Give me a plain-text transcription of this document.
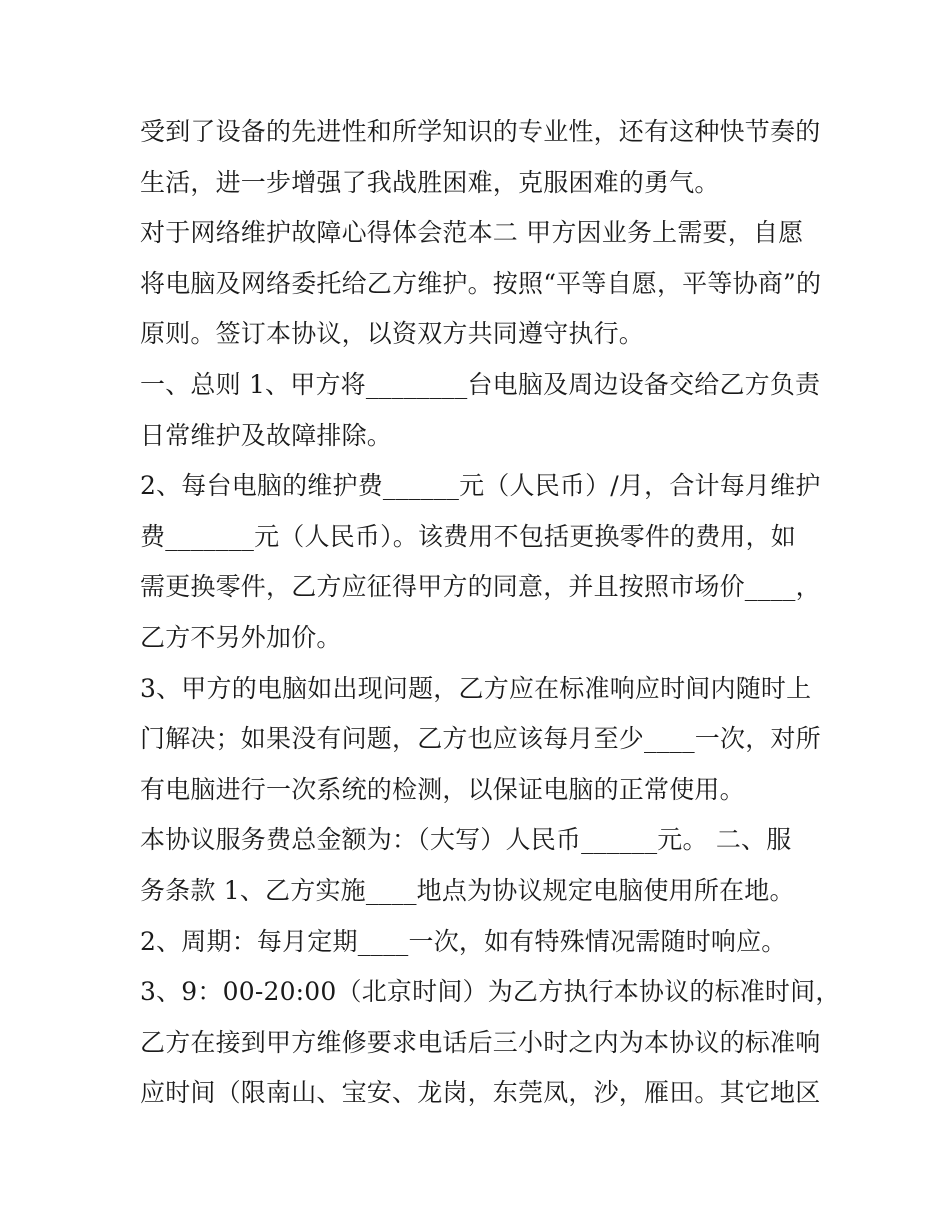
受到了设备的先进性和所学知识的专业性，还有这种快节奏的
生活，进一步增强了我战胜困难，克服困难的勇气。
对于网络维护故障心得体会范本二 甲方因业务上需要，自愿
将电脑及网络委托给乙方维护。按照“平等自愿，平等协商”的
原则。签订本协议，以资双方共同遵守执行。
一、总则 1、甲方将________台电脑及周边设备交给乙方负责
日常维护及故障排除。
2、每台电脑的维护费______元（人民币）/月，合计每月维护
费_______元（人民币）。该费用不包括更换零件的费用，如
需更换零件，乙方应征得甲方的同意，并且按照市场价____，
乙方不另外加价。
3、甲方的电脑如出现问题，乙方应在标准响应时间内随时上
门解决；如果没有问题，乙方也应该每月至少____一次，对所
有电脑进行一次系统的检测，以保证电脑的正常使用。
本协议服务费总金额为：（大写）人民币______元。 二、服
务条款 1、乙方实施____地点为协议规定电脑使用所在地。
2、周期：每月定期____一次，如有特殊情况需随时响应。
3、9：00-20:00（北京时间）为乙方执行本协议的标准时间，
乙方在接到甲方维修要求电话后三小时之内为本协议的标准响
应时间（限南山、宝安、龙岗，东莞凤，沙，雁田。其它地区
